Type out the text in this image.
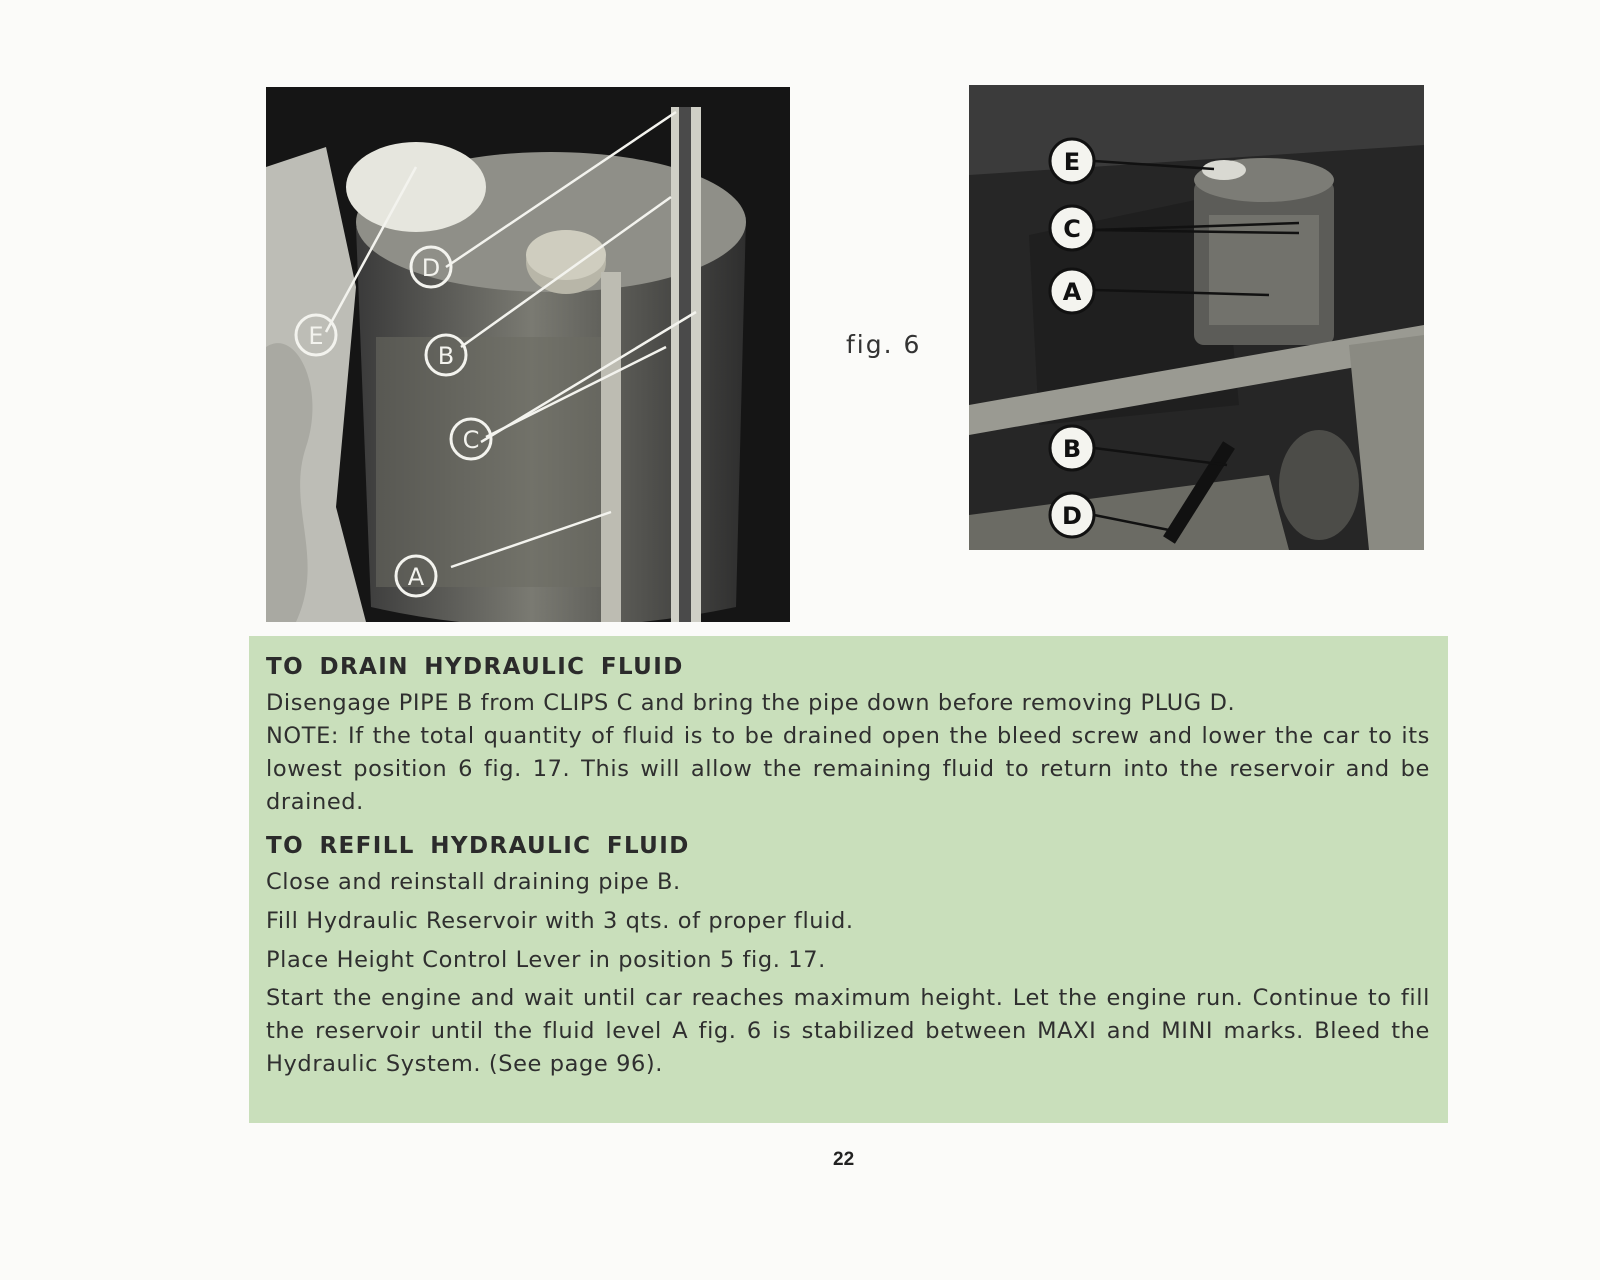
D
E
B
C
A
fig. 6
E
C
A
B
D
TO DRAIN HYDRAULIC FLUID

Disengage PIPE B from CLIPS C and bring the pipe down before removing PLUG D.

NOTE: If the total quantity of fluid is to be drained open the bleed screw and lower the car to its lowest position 6 fig. 17. This will allow the remaining fluid to return into the reservoir and be drained.

TO REFILL HYDRAULIC FLUID

Close and reinstall draining pipe B.

Fill Hydraulic Reservoir with 3 qts. of proper fluid.

Place Height Control Lever in position 5 fig. 17.

Start the engine and wait until car reaches maximum height. Let the engine run. Continue to fill the reservoir until the fluid level A fig. 6 is stabilized between MAXI and MINI marks. Bleed the Hydraulic System. (See page 96).

22
